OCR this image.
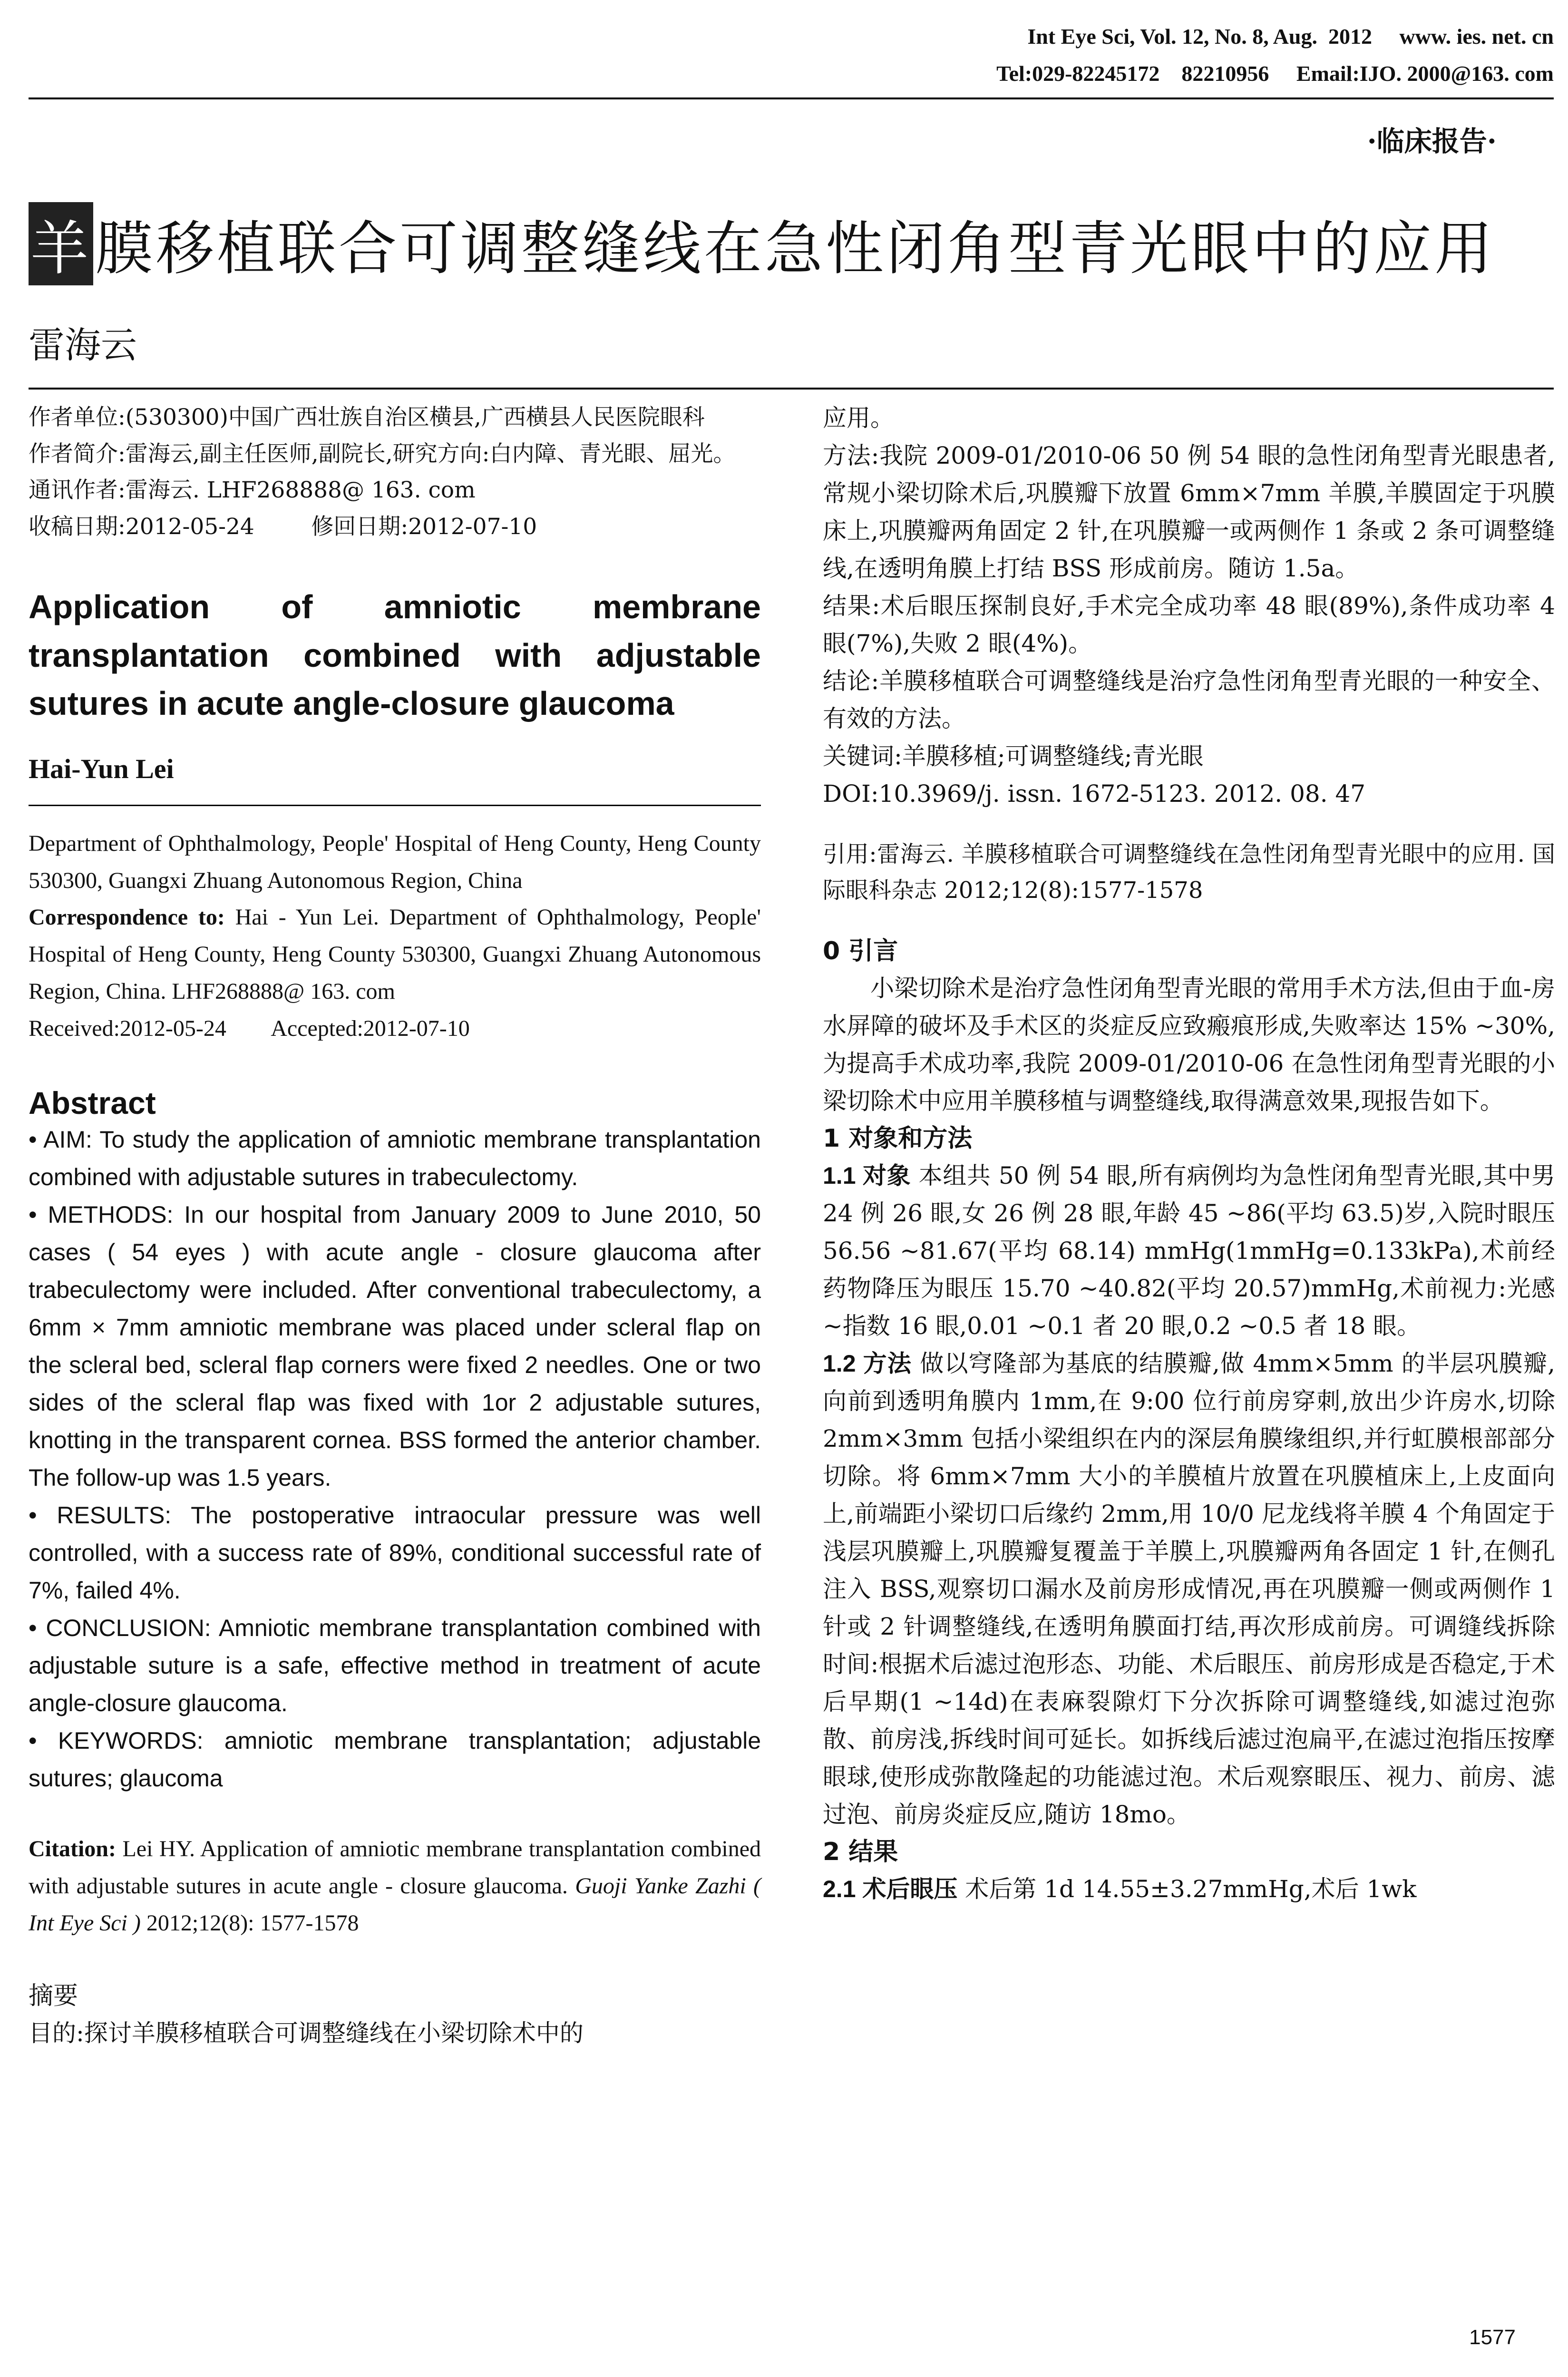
Int Eye Sci, Vol. 12, No. 8, Aug.  2012     www. ies. net. cn
Tel:029-82245172    82210956     Email:IJO. 2000@163. com
·临床报告·
羊膜移植联合可调整缝线在急性闭角型青光眼中的应用
雷海云

作者单位:(530300)中国广西壮族自治区横县,广西横县人民医院眼科

作者简介:雷海云,副主任医师,副院长,研究方向:白内障、青光眼、屈光。

通讯作者:雷海云. LHF268888@ 163. com

收稿日期:2012-05-24        修回日期:2012-07-10

Application of amniotic membrane transplantation combined with adjustable sutures in acute angle-closure glaucoma

Hai-Yun Lei

Department of Ophthalmology, People' Hospital of Heng County, Heng County 530300, Guangxi Zhuang Autonomous Region, China

Correspondence to: Hai - Yun Lei. Department of Ophthalmology, People' Hospital of Heng County, Heng County 530300, Guangxi Zhuang Autonomous Region, China. LHF268888@ 163. com

Received:2012-05-24        Accepted:2012-07-10

Abstract

• AIM: To study the application of amniotic membrane transplantation combined with adjustable sutures in trabeculectomy.

• METHODS: In our hospital from January 2009 to June 2010, 50 cases ( 54 eyes ) with acute angle - closure glaucoma after trabeculectomy were included. After conventional trabeculectomy, a 6mm × 7mm amniotic membrane was placed under scleral flap on the scleral bed, scleral flap corners were fixed 2 needles. One or two sides of the scleral flap was fixed with 1or 2 adjustable sutures, knotting in the transparent cornea. BSS formed the anterior chamber. The follow-up was 1.5 years.

• RESULTS: The postoperative intraocular pressure was well controlled, with a success rate of 89%, conditional successful rate of 7%, failed 4%.

• CONCLUSION: Amniotic membrane transplantation combined with adjustable suture is a safe, effective method in treatment of acute angle-closure glaucoma.

• KEYWORDS: amniotic membrane transplantation; adjustable sutures; glaucoma

Citation: Lei HY. Application of amniotic membrane transplantation combined with adjustable sutures in acute angle - closure glaucoma. Guoji Yanke Zazhi ( Int Eye Sci ) 2012;12(8): 1577-1578

摘要

目的:探讨羊膜移植联合可调整缝线在小梁切除术中的

应用。

方法:我院 2009-01/2010-06 50 例 54 眼的急性闭角型青光眼患者,常规小梁切除术后,巩膜瓣下放置 6mm×7mm 羊膜,羊膜固定于巩膜床上,巩膜瓣两角固定 2 针,在巩膜瓣一或两侧作 1 条或 2 条可调整缝线,在透明角膜上打结 BSS 形成前房。随访 1.5a。

结果:术后眼压探制良好,手术完全成功率 48 眼(89%),条件成功率 4 眼(7%),失败 2 眼(4%)。

结论:羊膜移植联合可调整缝线是治疗急性闭角型青光眼的一种安全、有效的方法。

关键词:羊膜移植;可调整缝线;青光眼

DOI:10.3969/j. issn. 1672-5123. 2012. 08. 47

引用:雷海云. 羊膜移植联合可调整缝线在急性闭角型青光眼中的应用. 国际眼科杂志 2012;12(8):1577-1578

0 引言

小梁切除术是治疗急性闭角型青光眼的常用手术方法,但由于血-房水屏障的破坏及手术区的炎症反应致瘢痕形成,失败率达 15% ~30%,为提高手术成功率,我院 2009-01/2010-06 在急性闭角型青光眼的小梁切除术中应用羊膜移植与调整缝线,取得满意效果,现报告如下。

1 对象和方法

1.1 对象 本组共 50 例 54 眼,所有病例均为急性闭角型青光眼,其中男 24 例 26 眼,女 26 例 28 眼,年龄 45 ~86(平均 63.5)岁,入院时眼压 56.56 ~81.67(平均 68.14) mmHg(1mmHg=0.133kPa),术前经药物降压为眼压 15.70 ~40.82(平均 20.57)mmHg,术前视力:光感~指数 16 眼,0.01 ~0.1 者 20 眼,0.2 ~0.5 者 18 眼。

1.2 方法 做以穹隆部为基底的结膜瓣,做 4mm×5mm 的半层巩膜瓣,向前到透明角膜内 1mm,在 9:00 位行前房穿刺,放出少许房水,切除 2mm×3mm 包括小梁组织在内的深层角膜缘组织,并行虹膜根部部分切除。将 6mm×7mm 大小的羊膜植片放置在巩膜植床上,上皮面向上,前端距小梁切口后缘约 2mm,用 10/0 尼龙线将羊膜 4 个角固定于浅层巩膜瓣上,巩膜瓣复覆盖于羊膜上,巩膜瓣两角各固定 1 针,在侧孔注入 BSS,观察切口漏水及前房形成情况,再在巩膜瓣一侧或两侧作 1 针或 2 针调整缝线,在透明角膜面打结,再次形成前房。可调缝线拆除时间:根据术后滤过泡形态、功能、术后眼压、前房形成是否稳定,于术后早期(1 ~14d)在表麻裂隙灯下分次拆除可调整缝线,如滤过泡弥散、前房浅,拆线时间可延长。如拆线后滤过泡扁平,在滤过泡指压按摩眼球,使形成弥散隆起的功能滤过泡。术后观察眼压、视力、前房、滤过泡、前房炎症反应,随访 18mo。

2 结果

2.1 术后眼压 术后第 1d 14.55±3.27mmHg,术后 1wk

1577
